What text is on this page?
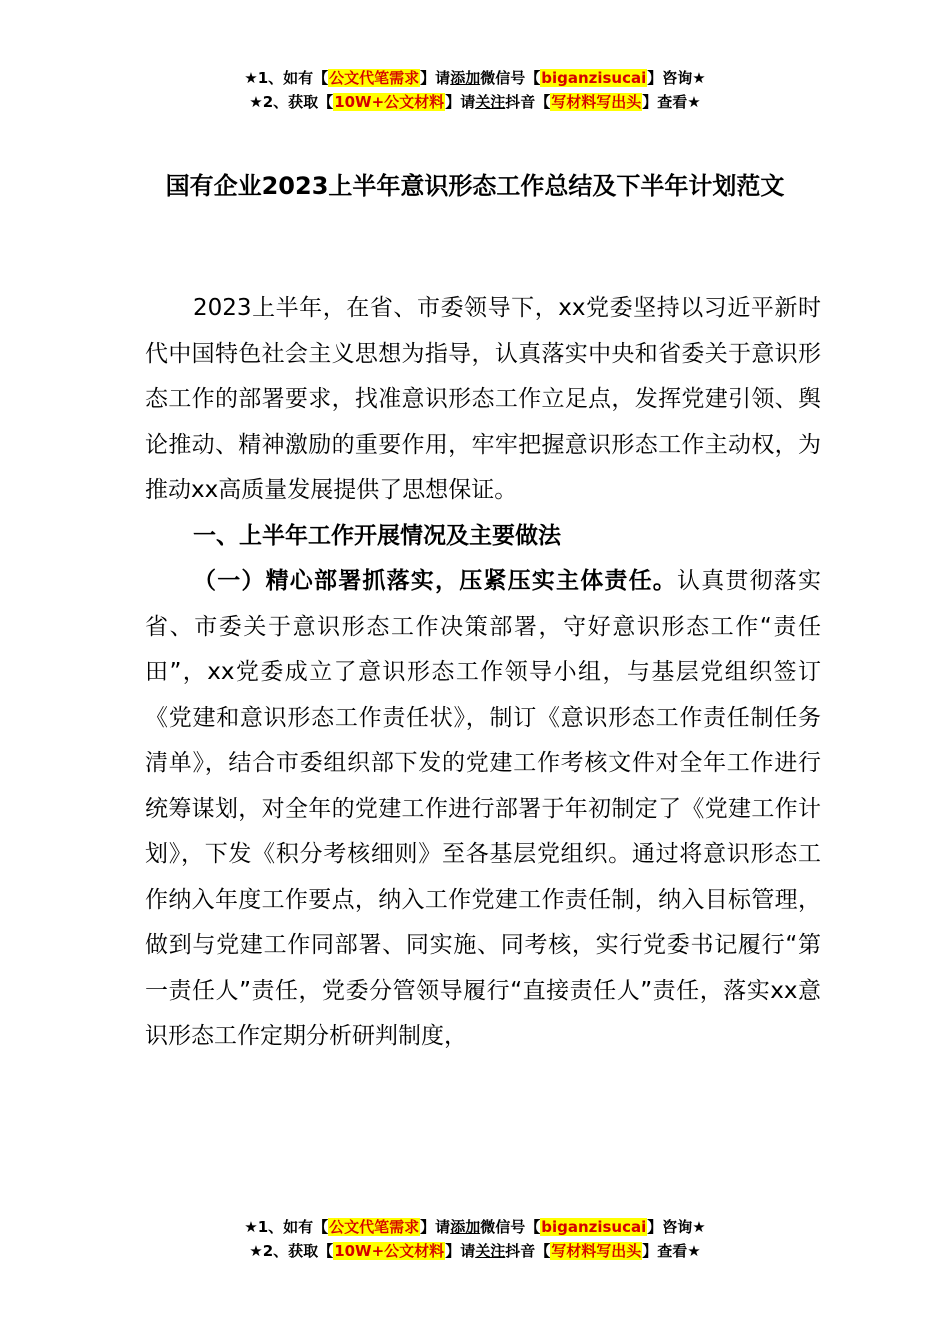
★1、如有【公文代笔需求】请添加微信号【biganzisucai】咨询★
★2、获取【10W+公文材料】请关注抖音【写材料写出头】查看★
国有企业2023上半年意识形态工作总结及下半年计划范文

2023上半年，在省、市委领导下，xx党委坚持以习近平新时代中国特色社会主义思想为指导，认真落实中央和省委关于意识形态工作的部署要求，找准意识形态工作立足点，发挥党建引领、舆论推动、精神激励的重要作用，牢牢把握意识形态工作主动权，为推动xx高质量发展提供了思想保证。

一、上半年工作开展情况及主要做法

（一）精心部署抓落实，压紧压实主体责任。认真贯彻落实省、市委关于意识形态工作决策部署，守好意识形态工作“责任田”，xx党委成立了意识形态工作领导小组，与基层党组织签订《党建和意识形态工作责任状》，制订《意识形态工作责任制任务清单》，结合市委组织部下发的党建工作考核文件对全年工作进行统筹谋划，对全年的党建工作进行部署于年初制定了《党建工作计划》，下发《积分考核细则》至各基层党组织。通过将意识形态工作纳入年度工作要点，纳入工作党建工作责任制，纳入目标管理，做到与党建工作同部署、同实施、同考核，实行党委书记履行“第一责任人”责任，党委分管领导履行“直接责任人”责任，落实xx意识形态工作定期分析研判制度，

★1、如有【公文代笔需求】请添加微信号【biganzisucai】咨询★
★2、获取【10W+公文材料】请关注抖音【写材料写出头】查看★
